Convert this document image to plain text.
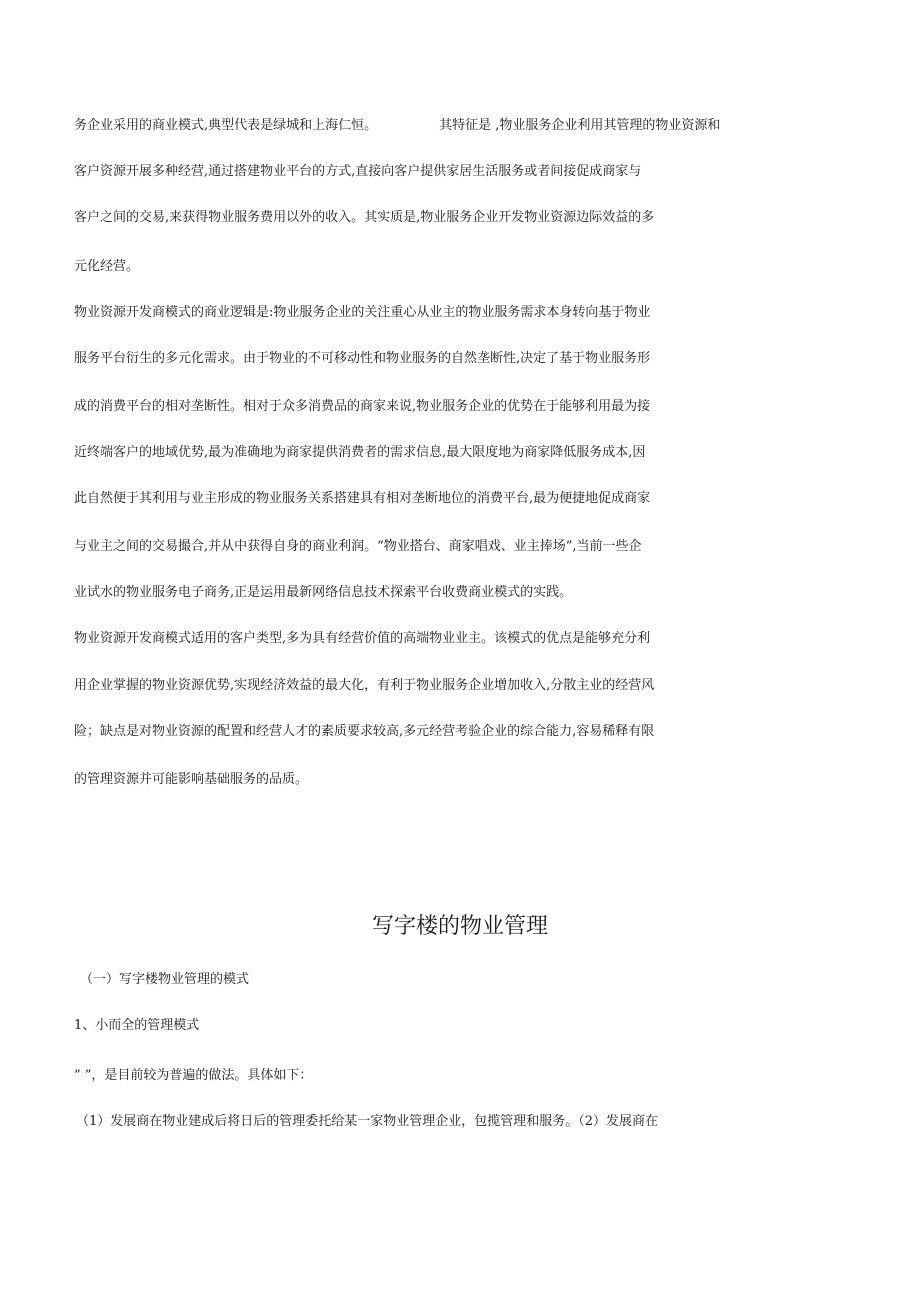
务企业采用的商业模式,典型代表是绿城和上海仁恒。	其特征是 ,物业服务企业利用其管理的物业资源和

客户资源开展多种经营,通过搭建物业平台的方式,直接向客户提供家居生活服务或者间接促成商家与

客户之间的交易,来获得物业服务费用以外的收入。其实质是,物业服务企业开发物业资源边际效益的多

元化经营。

物业资源开发商模式的商业逻辑是:物业服务企业的关注重心从业主的物业服务需求本身转向基于物业

服务平台衍生的多元化需求。由于物业的不可移动性和物业服务的自然垄断性,决定了基于物业服务形

成的消费平台的相对垄断性。相对于众多消费品的商家来说,物业服务企业的优势在于能够利用最为接

近终端客户的地域优势,最为准确地为商家提供消费者的需求信息,最大限度地为商家降低服务成本,因

此自然便于其利用与业主形成的物业服务关系搭建具有相对垄断地位的消费平台,最为便捷地促成商家

与业主之间的交易撮合,并从中获得自身的商业利润。“物业搭台、商家唱戏、业主捧场”,当前一些企

业试水的物业服务电子商务,正是运用最新网络信息技术探索平台收费商业模式的实践。

物业资源开发商模式适用的客户类型,多为具有经营价值的高端物业业主。该模式的优点是能够充分利

用企业掌握的物业资源优势,实现经济效益的最大化，有利于物业服务企业增加收入,分散主业的经营风

险；缺点是对物业资源的配置和经营人才的素质要求较高,多元经营考验企业的综合能力,容易稀释有限

的管理资源并可能影响基础服务的品质。

写字楼的物业管理

（一）写字楼物业管理的模式

1、小而全的管理模式

” ”，是目前较为普遍的做法。具体如下：

（1）发展商在物业建成后将日后的管理委托给某一家物业管理企业，包揽管理和服务。（2）发展商在
